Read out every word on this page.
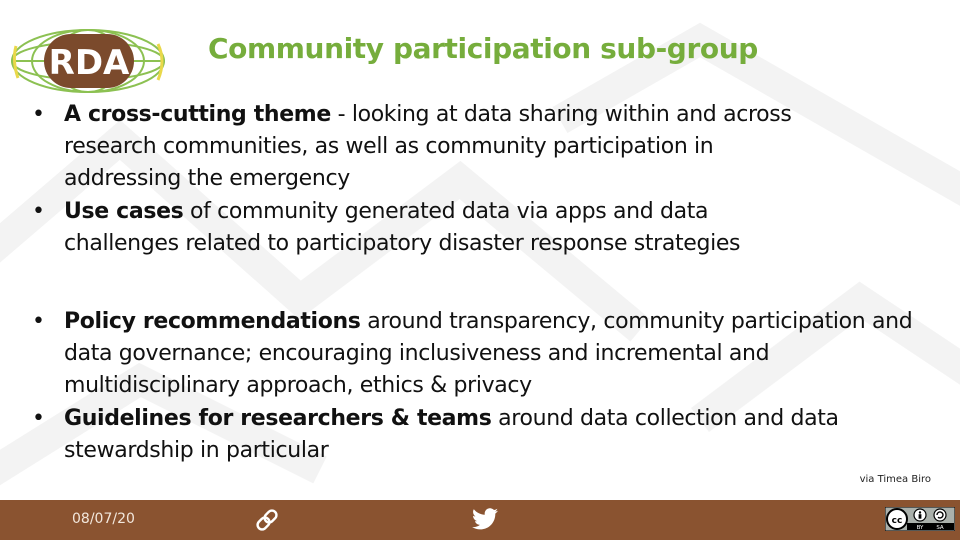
RDA	Community participation sub-group
• A cross-cutting theme - looking at data sharing within and across research communities, as well as community participation in addressing the emergency
• Use cases of community generated data via apps and data challenges related to participatory disaster response strategies
• Policy recommendations around transparency, community participation and data governance; encouraging inclusiveness and incremental and multidisciplinary approach, ethics & privacy
• Guidelines for researchers & teams around data collection and data stewardship in particular
via Timea Biro
08/07/20	cc
BY SA
